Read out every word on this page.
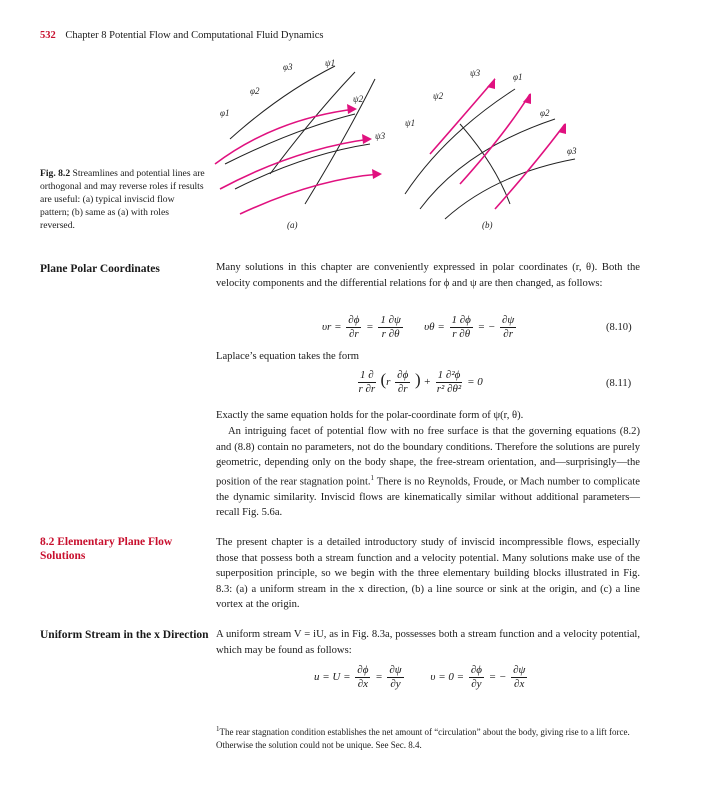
532 Chapter 8 Potential Flow and Computational Fluid Dynamics
φ3	ψ1
φ2
ψ2
φ1
ψ3
(a)
ψ3	φ1
ψ2
φ2
ψ1
φ3
(b)
Fig. 8.2 Streamlines and potential lines are orthogonal and may reverse roles if results are useful: (a) typical inviscid flow pattern; (b) same as (a) with roles reversed.
Plane Polar Coordinates	Many solutions in this chapter are conveniently expressed in polar coordinates (r, θ). Both the velocity components and the differential relations for ϕ and ψ are then changed, as follows:
$\upsilon r = \frac{\partial\phi}{\partial r} = \frac{1 \partial\psi}{r \partial\theta}$ $\upsilon\theta = \frac{1 \partial\phi}{r \partial\theta}$ = − $\frac{\partial\psi}{\partial r}$	(8.10)
Laplace’s equation takes the form
$\frac{1 \partial}{r \partial r} (r \frac{\partial\phi}{\partial r}$ ) + $\frac{\text{1 ∂²ϕ}}{\text{r² ∂θ²}} = 0$	(8.11)
Exactly the same equation holds for the polar-coordinate form of ψ(r, θ).
An intriguing facet of potential flow with no free surface is that the governing equations (8.2) and (8.8) contain no parameters, not do the boundary conditions. Therefore the solutions are purely geometric, depending only on the body shape, the free-stream orientation, and—surprisingly—the position of the rear stagnation point.$^1$ There is no Reynolds, Froude, or Mach number to complicate the dynamic similarity. Inviscid flows are kinematically similar without additional parameters—recall Fig. 5.6a.
8.2 Elementary Plane Flow Solutions
The present chapter is a detailed introductory study of inviscid incompressible flows, especially those that possess both a stream function and a velocity potential. Many solutions make use of the superposition principle, so we begin with the three elementary building blocks illustrated in Fig. 8.3: (a) a uniform stream in the x direction, (b) a line source or sink at the origin, and (c) a line vortex at the origin.
Uniform Stream in the x Direction A uniform stream V = iU, as in Fig. 8.3a, possesses both a stream function and a velocity potential, which may be found as follows:
$u = U = \frac{\partial\phi}{\partial x} = \frac{\partial\psi}{\partial y}$ $\upsilon = 0 = \frac{\partial\phi}{\partial y}$ = − $\frac{\partial\psi}{\partial x}$
$^1$The rear stagnation condition establishes the net amount of “circulation” about the body, giving rise to a lift force. Otherwise the solution could not be unique. See Sec. 8.4.
